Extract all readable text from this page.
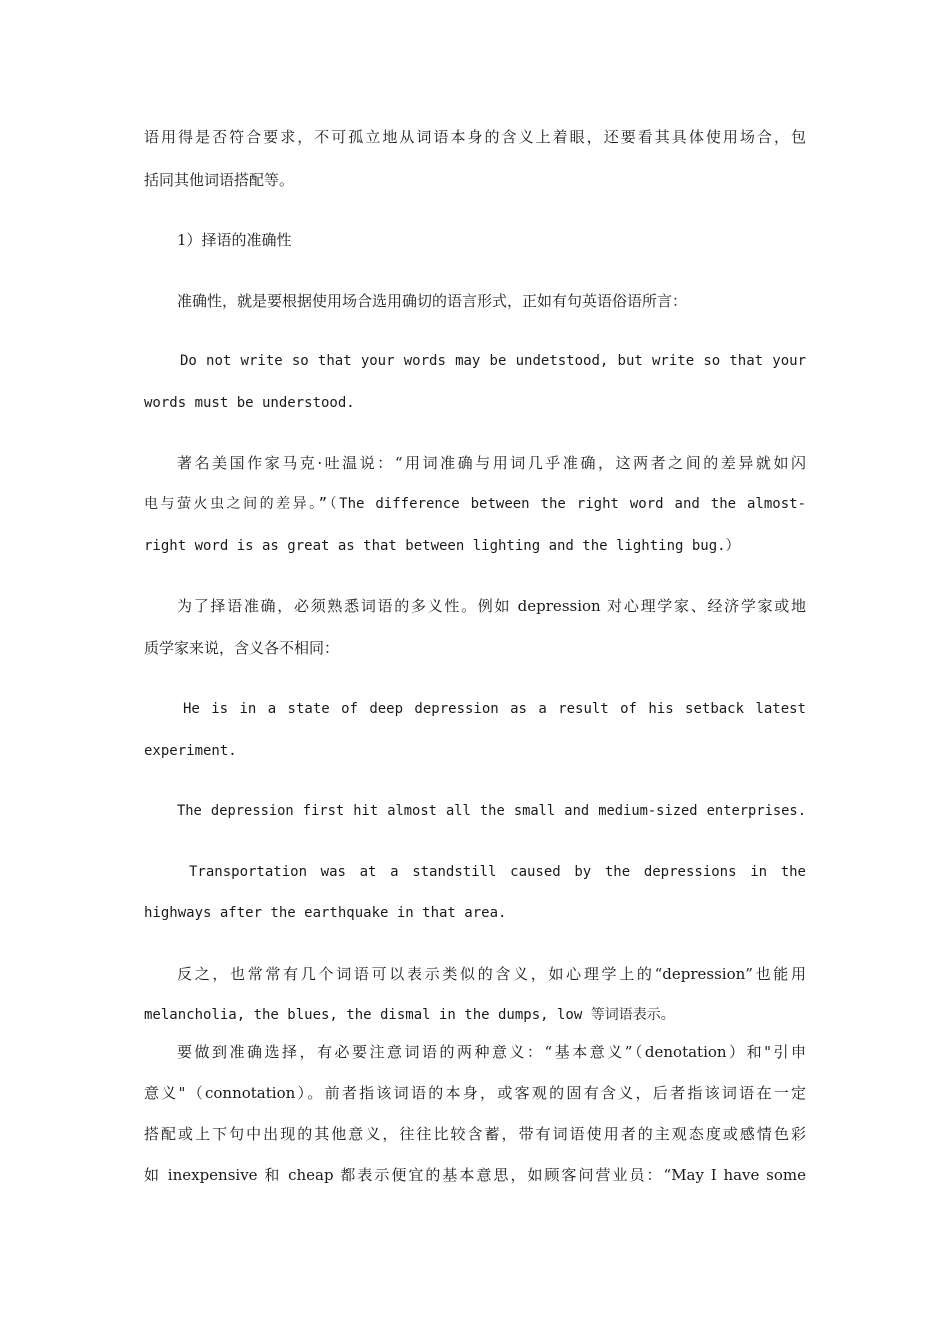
语用得是否符合要求，不可孤立地从词语本身的含义上着眼，还要看其具体使用场合，包
括同其他词语搭配等。
1）择语的准确性
准确性，就是要根据使用场合选用确切的语言形式，正如有句英语俗语所言：
Do not write so that your words may be undetstood, but write so that your
words must be understood.
著名美国作家马克·吐温说：“用词准确与用词几乎准确，这两者之间的差异就如闪
电与萤火虫之间的差异。”（The difference between the right word and the almost-
right word is as great as that between lighting and the lighting bug.）
为了择语准确，必须熟悉词语的多义性。例如 depression 对心理学家、经济学家或地
质学家来说，含义各不相同：
He is in a state of deep depression as a result of his setback latest
experiment.
The depression first hit almost all the small and medium-sized enterprises.
Transportation was at a standstill caused by the depressions in the
highways after the earthquake in that area.
反之，也常常有几个词语可以表示类似的含义，如心理学上的“depression”也能用
melancholia, the blues, the dismal in the dumps, low 等词语表示。
要做到准确选择，有必要注意词语的两种意义：“基本意义”（denotation）和"引申
意义"（connotation）。前者指该词语的本身，或客观的固有含义，后者指该词语在一定
搭配或上下句中出现的其他意义，往往比较含蓄，带有词语使用者的主观态度或感情色彩
如 inexpensive 和 cheap 都表示便宜的基本意思，如顾客问营业员：“May I have some
